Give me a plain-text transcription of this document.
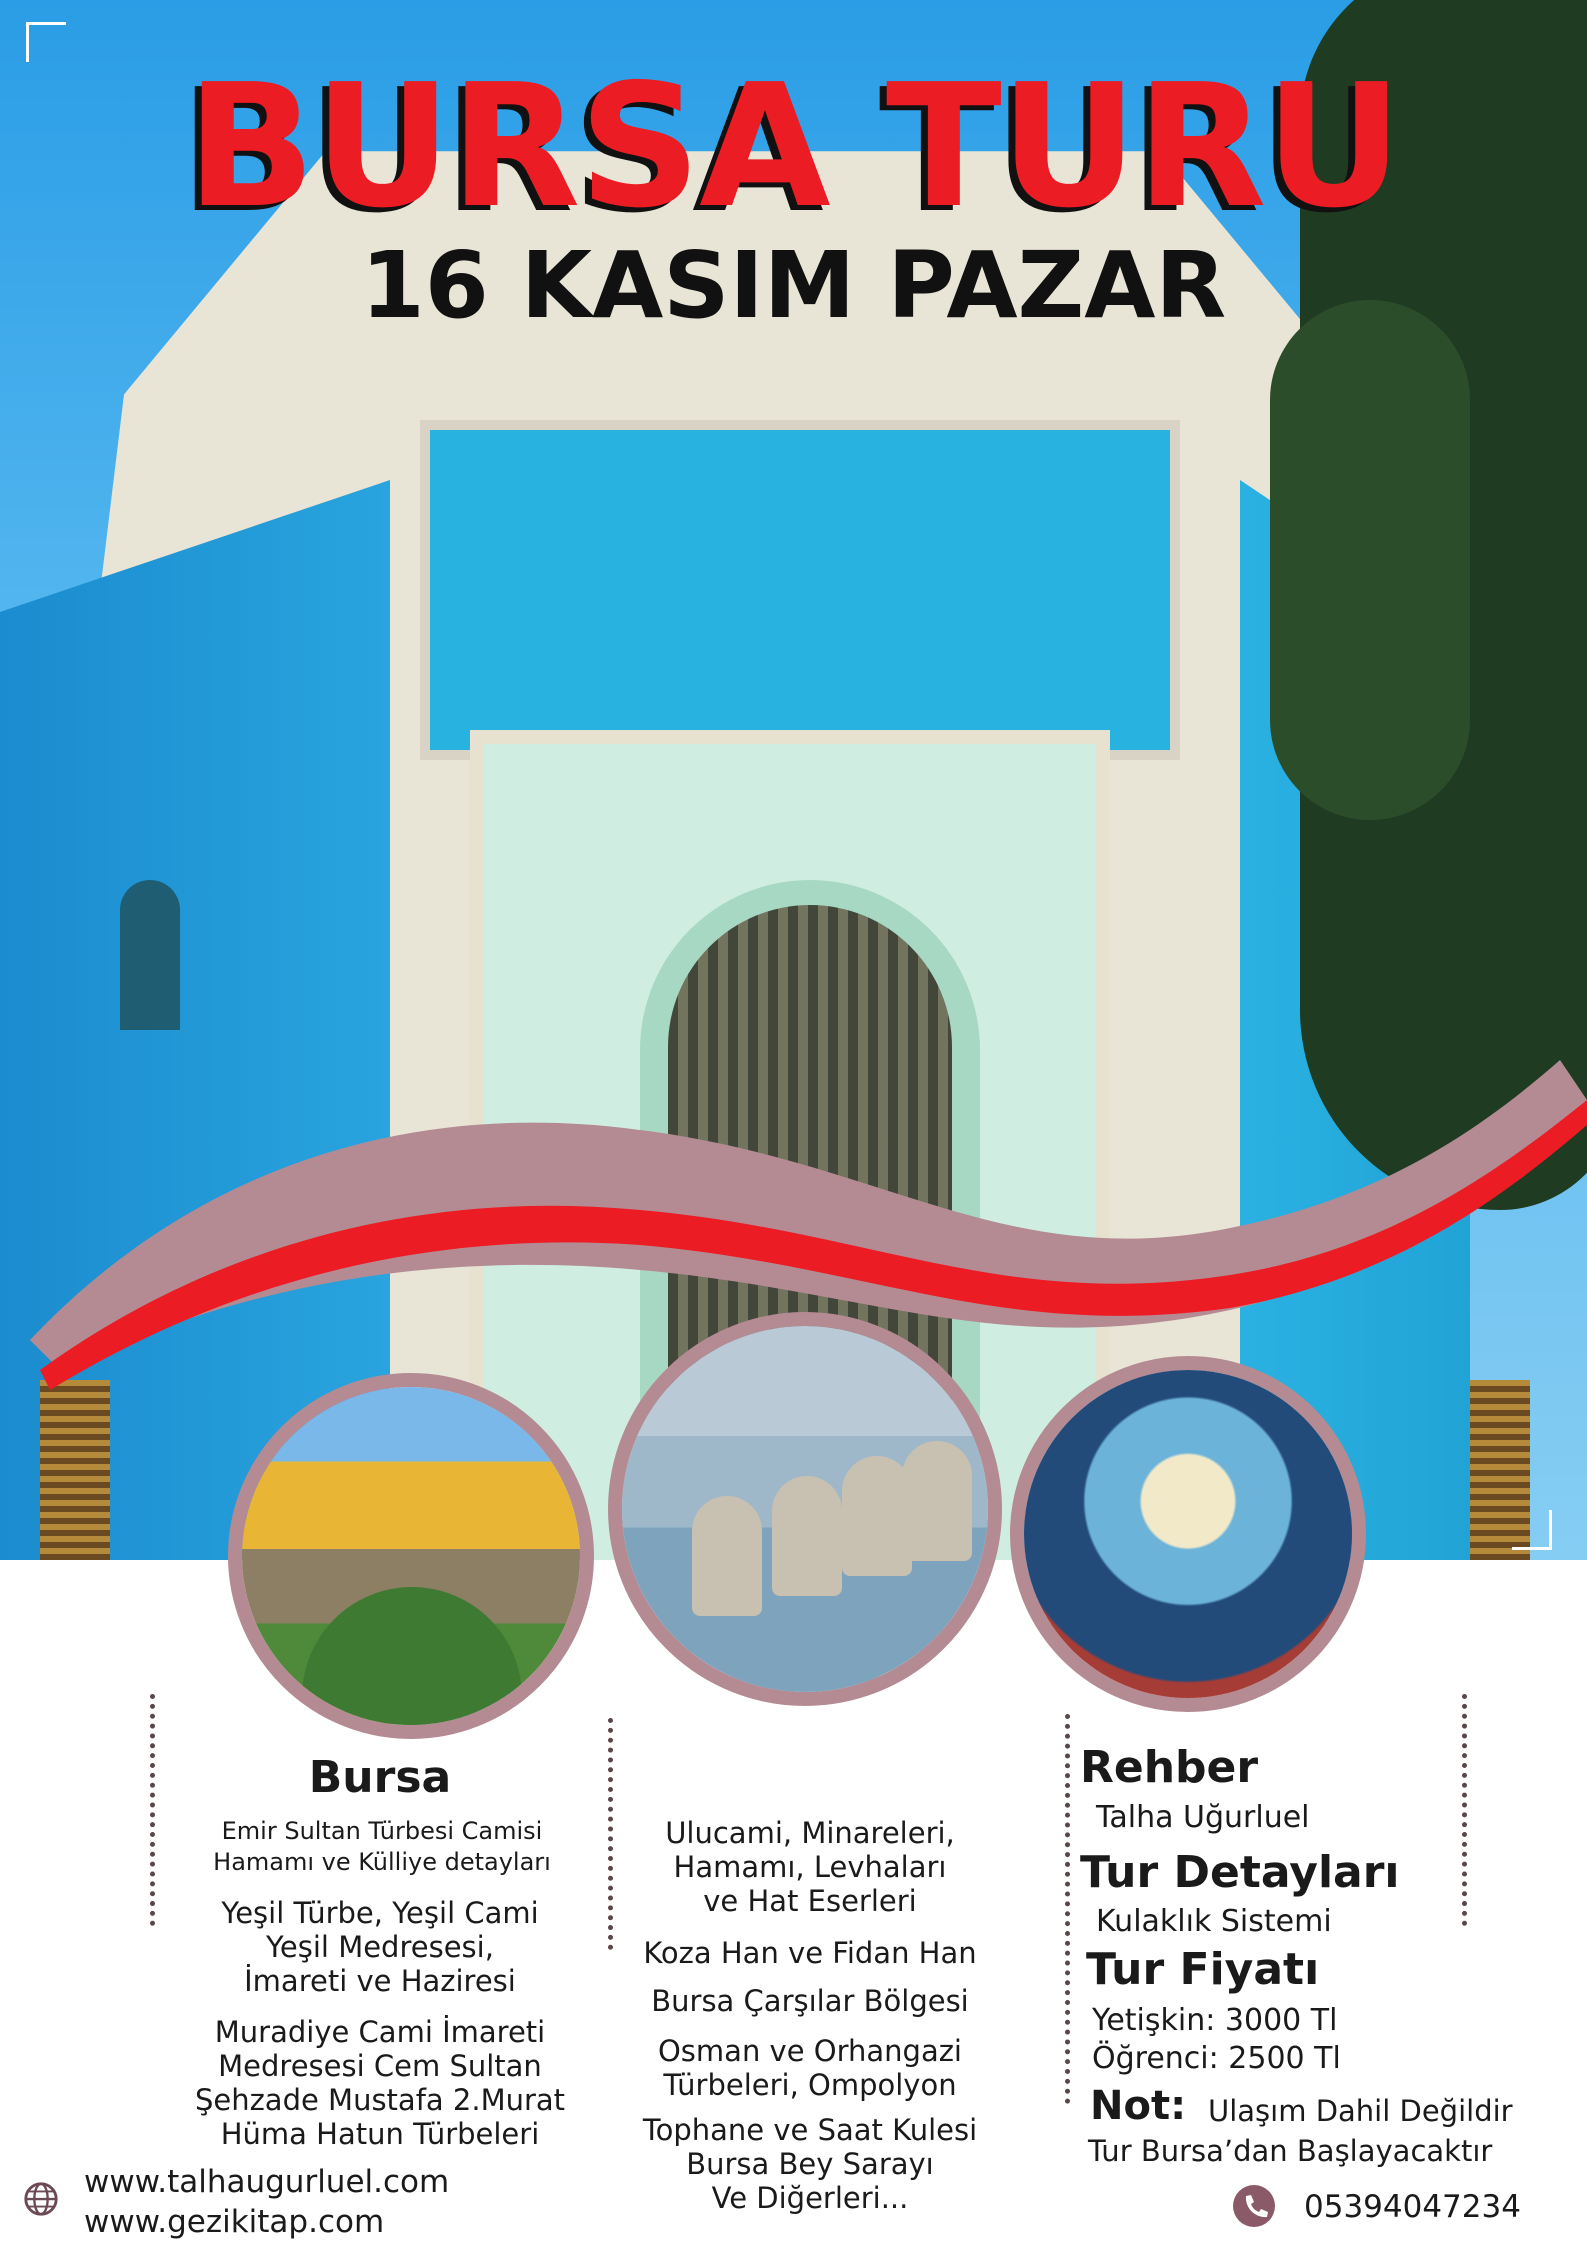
BURSA TURU
16 KASIM PAZAR
Bursa
Emir Sultan Türbesi Camisi
Hamamı ve Külliye detayları
Yeşil Türbe, Yeşil Cami
Yeşil Medresesi,
İmareti ve Haziresi
Muradiye Cami İmareti
Medresesi Cem Sultan
Şehzade Mustafa 2.Murat
Hüma Hatun Türbeleri
Ulucami, Minareleri,
Hamamı, Levhaları
ve Hat Eserleri
Koza Han ve Fidan Han
Bursa Çarşılar Bölgesi
Osman ve Orhangazi
Türbeleri, Ompolyon
Tophane ve Saat Kulesi
Bursa Bey Sarayı
Ve Diğerleri...
Rehber
Talha Uğurluel
Tur Detayları
Kulaklık Sistemi
Tur Fiyatı
Yetişkin: 3000 Tl
Öğrenci: 2500 Tl
Not: Ulaşım Dahil Değildir
Tur Bursa’dan Başlayacaktır
www.talhaugurluel.com
www.gezikitap.com	05394047234
